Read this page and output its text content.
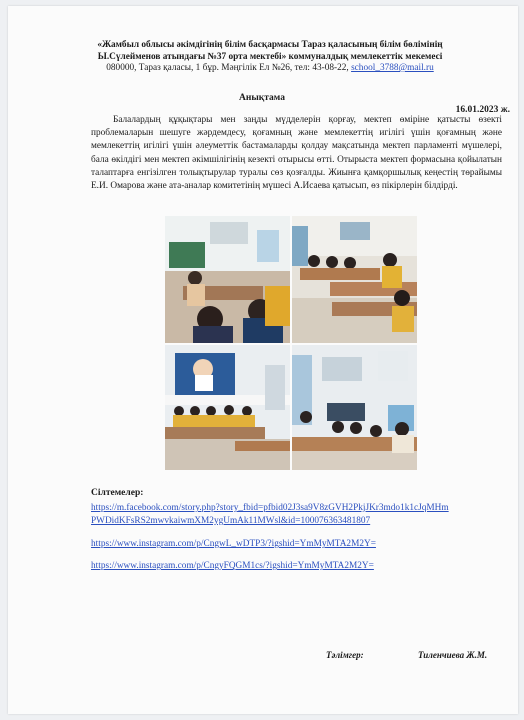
«Жамбыл облысы әкімдігінің білім басқармасы Тараз қаласының білім бөлімінің
Ы.Сүлейменов атындағы №37 орта мектебі» коммуналдық мемлекеттік мекемесі
080000, Тараз қаласы, 1 бұр. Мәңгілік Ел №26, тел: 43-08-22, school_3788@mail.ru
Анықтама
16.01.2023 ж.
Балалардың құқықтары мен заңды мүдделерін қорғау, мектеп өміріне қатысты өзекті проблемаларын шешуге жәрдемдесу, қоғамның және мемлекеттің игілігі үшін қоғамның және мемлекеттің игілігі үшін әлеуметтік бастамаларды қолдау мақсатында мектеп парламенті мүшелері, бала өкілдігі мен мектеп әкімшілігінің кезекті отырысы өтті. Отырыста мектеп формасына қойылатын талаптарға енгізілген толықтырулар туралы сөз қозғалды. Жиынға қамқоршылық кеңестің төрайымы Е.И. Омарова және ата-аналар комитетінің мүшесі А.Исаева қатысып, өз пікірлерін білдірді.
Сілтемелер:
https://m.facebook.com/story.php?story_fbid=pfbid02J3sa9V8zGVH2PkjJKr3mdo1k1cJqMHm
PWDidKFsRS2mwvkaiwmXM2ygUmAk11MWsl&id=100076363481807
https://www.instagram.com/p/CngwL_wDTP3/?igshid=YmMyMTA2M2Y=
https://www.instagram.com/p/CngyFQGM1cs/?igshid=YmMyMTA2M2Y=
Тәлімгер:	Тиленчиева Ж.М.
